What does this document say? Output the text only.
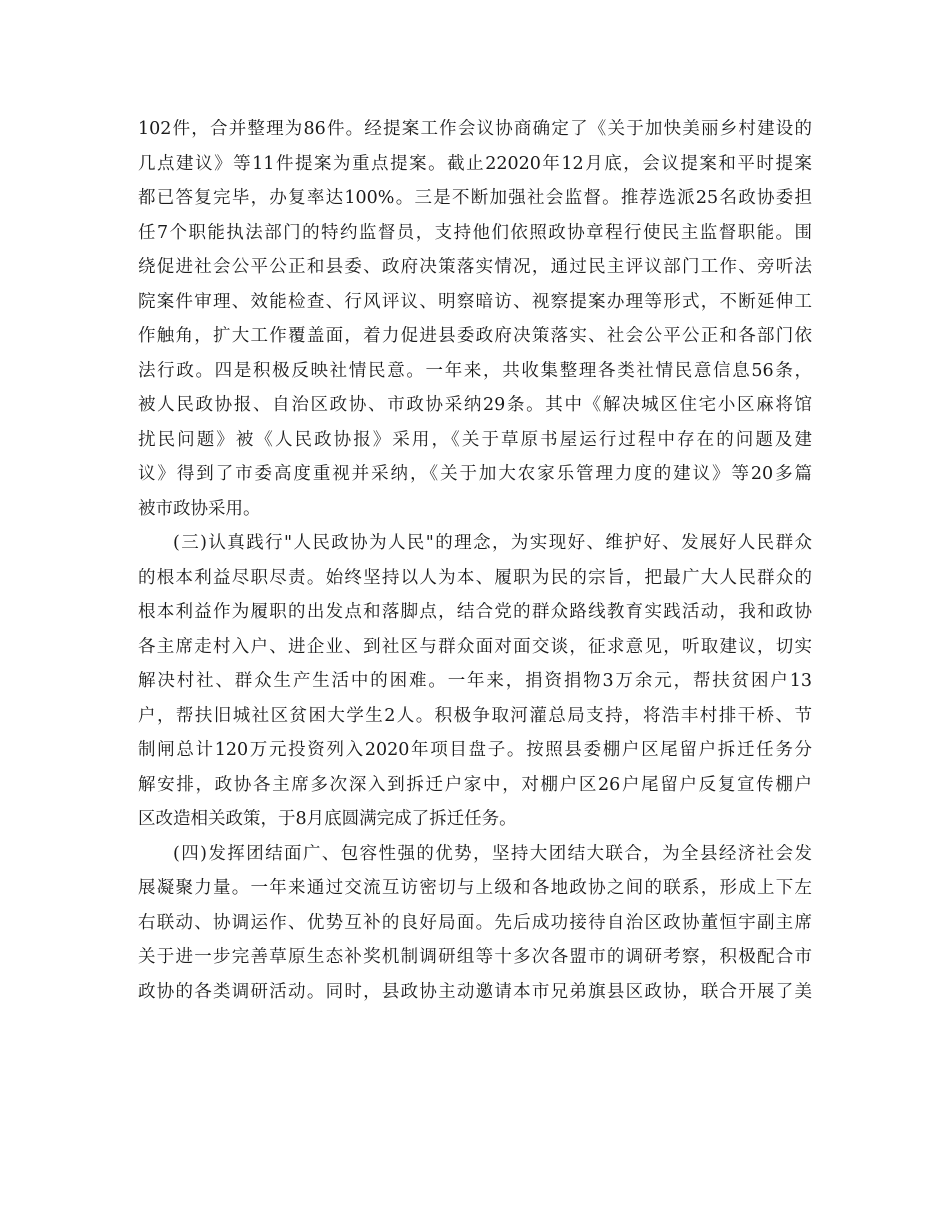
102件，合并整理为86件。经提案工作会议协商确定了《关于加快美丽乡村建设的
几点建议》等11件提案为重点提案。截止22020年12月底，会议提案和平时提案
都已答复完毕，办复率达100%。三是不断加强社会监督。推荐选派25名政协委担
任7个职能执法部门的特约监督员，支持他们依照政协章程行使民主监督职能。围
绕促进社会公平公正和县委、政府决策落实情况，通过民主评议部门工作、旁听法
院案件审理、效能检查、行风评议、明察暗访、视察提案办理等形式，不断延伸工
作触角，扩大工作覆盖面，着力促进县委政府决策落实、社会公平公正和各部门依
法行政。四是积极反映社情民意。一年来，共收集整理各类社情民意信息56条，
被人民政协报、自治区政协、市政协采纳29条。其中《解决城区住宅小区麻将馆
扰民问题》被《人民政协报》采用，《关于草原书屋运行过程中存在的问题及建
议》得到了市委高度重视并采纳，《关于加大农家乐管理力度的建议》等20多篇
被市政协采用。
(三)认真践行"人民政协为人民"的理念，为实现好、维护好、发展好人民群众
的根本利益尽职尽责。始终坚持以人为本、履职为民的宗旨，把最广大人民群众的
根本利益作为履职的出发点和落脚点，结合党的群众路线教育实践活动，我和政协
各主席走村入户、进企业、到社区与群众面对面交谈，征求意见，听取建议，切实
解决村社、群众生产生活中的困难。一年来，捐资捐物3万余元，帮扶贫困户13
户，帮扶旧城社区贫困大学生2人。积极争取河灌总局支持，将浩丰村排干桥、节
制闸总计120万元投资列入2020年项目盘子。按照县委棚户区尾留户拆迁任务分
解安排，政协各主席多次深入到拆迁户家中，对棚户区26户尾留户反复宣传棚户
区改造相关政策，于8月底圆满完成了拆迁任务。
(四)发挥团结面广、包容性强的优势，坚持大团结大联合，为全县经济社会发
展凝聚力量。一年来通过交流互访密切与上级和各地政协之间的联系，形成上下左
右联动、协调运作、优势互补的良好局面。先后成功接待自治区政协董恒宇副主席
关于进一步完善草原生态补奖机制调研组等十多次各盟市的调研考察，积极配合市
政协的各类调研活动。同时，县政协主动邀请本市兄弟旗县区政协，联合开展了美
